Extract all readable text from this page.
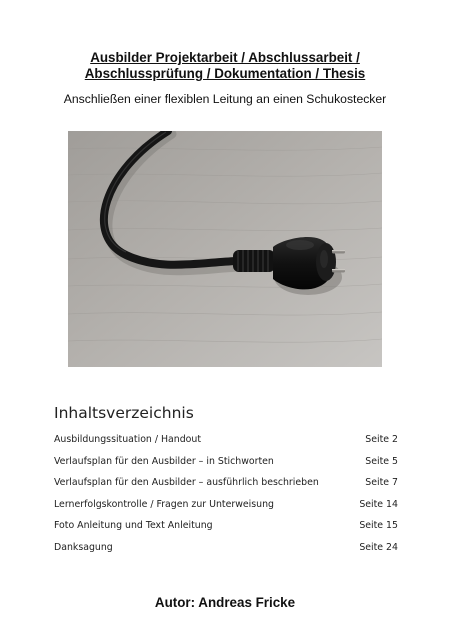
Ausbilder Projektarbeit / Abschlussarbeit /
Abschlussprüfung / Dokumentation / Thesis
Anschließen einer flexiblen Leitung an einen Schukostecker
Inhaltsverzeichnis
Ausbildungssituation / Handout	Seite 2
Verlaufsplan für den Ausbilder – in Stichworten	Seite 5
Verlaufsplan für den Ausbilder – ausführlich beschrieben	Seite 7
Lernerfolgskontrolle / Fragen zur Unterweisung	Seite 14
Foto Anleitung und Text Anleitung	Seite 15
Danksagung	Seite 24
Autor: Andreas Fricke
